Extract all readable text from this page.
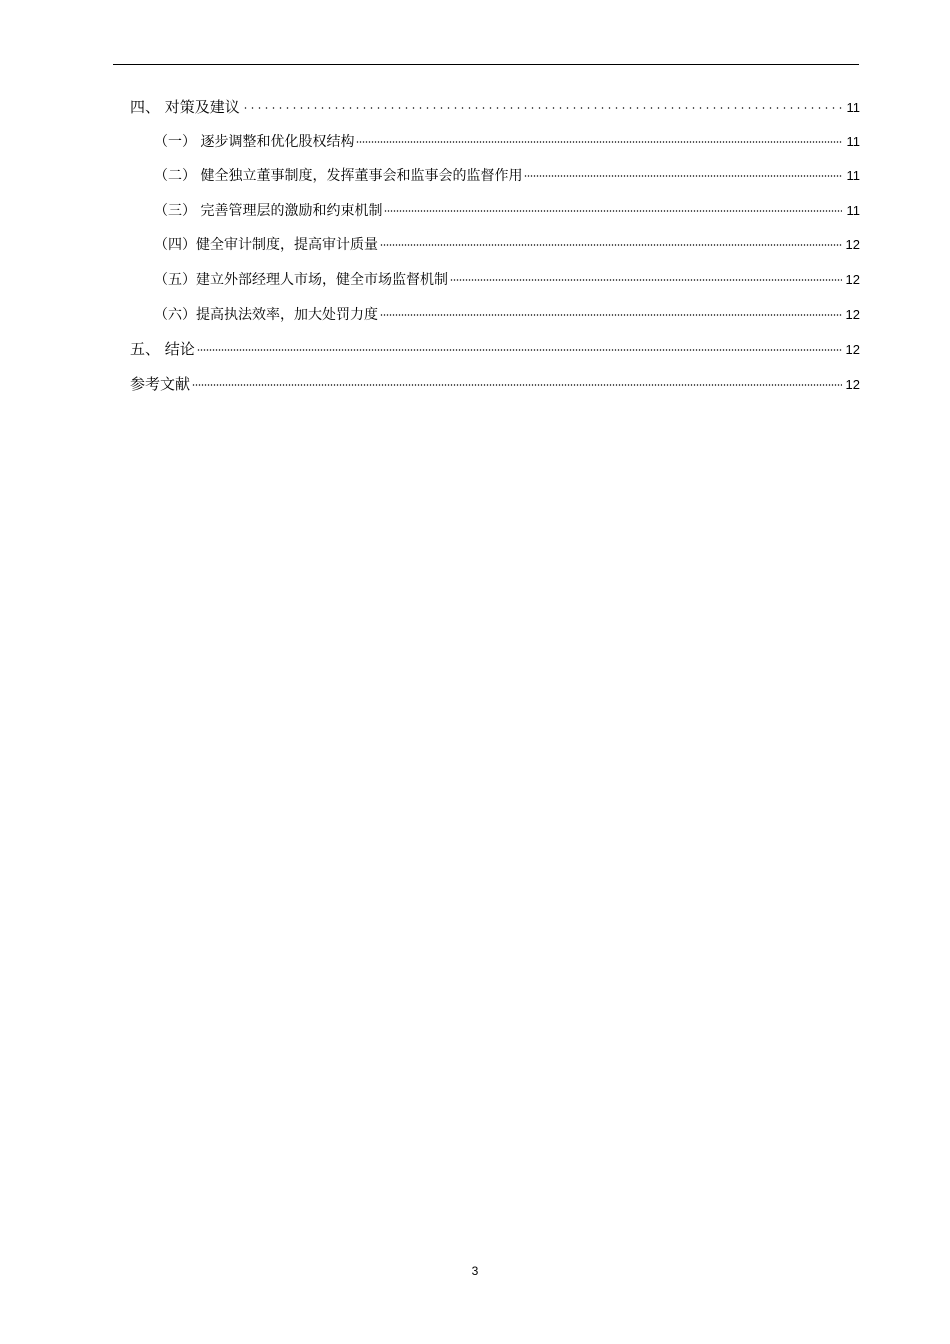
四、 对策及建议	11
（一） 逐步调整和优化股权结构	11
（二） 健全独立董事制度，发挥董事会和监事会的监督作用	11
（三） 完善管理层的激励和约束机制	11
（四）健全审计制度，提高审计质量	12
（五）建立外部经理人市场，健全市场监督机制	12
（六）提高执法效率，加大处罚力度	12
五、 结论	12
参考文献	12
3
